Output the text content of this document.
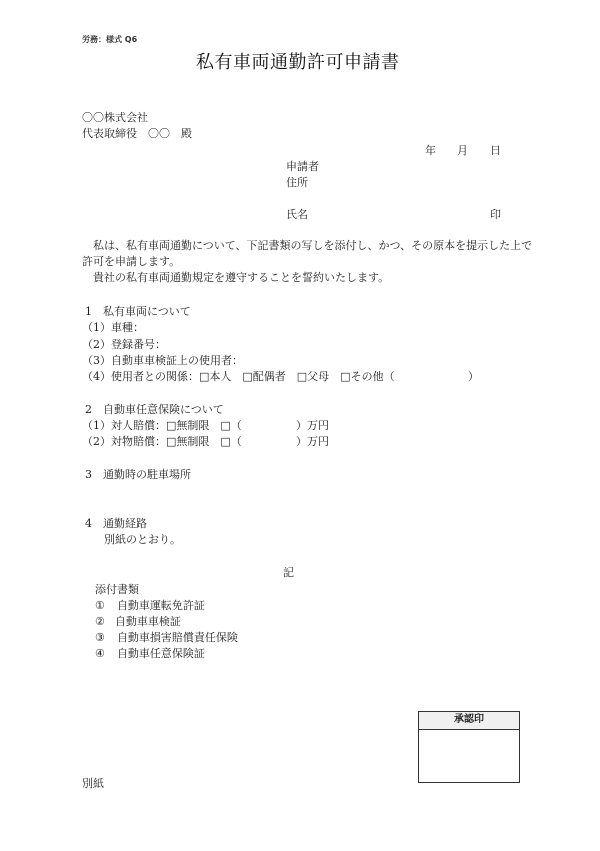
労務：様式 Q6
私有車両通勤許可申請書
〇〇株式会社
代表取締役　〇〇　殿
年 月 日
申請者
住所
氏名	印
私は、私有車両通勤について、下記書類の写しを添付し、かつ、その原本を提示した上で
許可を申請します。
貴社の私有車両通勤規定を遵守することを誓約いたします。
1　私有車両について
（1）車種：
（2）登録番号：
（3）自動車車検証上の使用者：
（4）使用者との関係：□本人　□配偶者　□父母　□その他（	）
2　自動車任意保険について
（1）対人賠償：□無制限　□（	）万円
（2）対物賠償：□無制限　□（	）万円
3　通勤時の駐車場所
4　通勤経路
別紙のとおり。
記
添付書類
① 自動車運転免許証
② 自動車車検証
③ 自動車損害賠償責任保険
④ 自動車任意保険証
承認印
別紙
